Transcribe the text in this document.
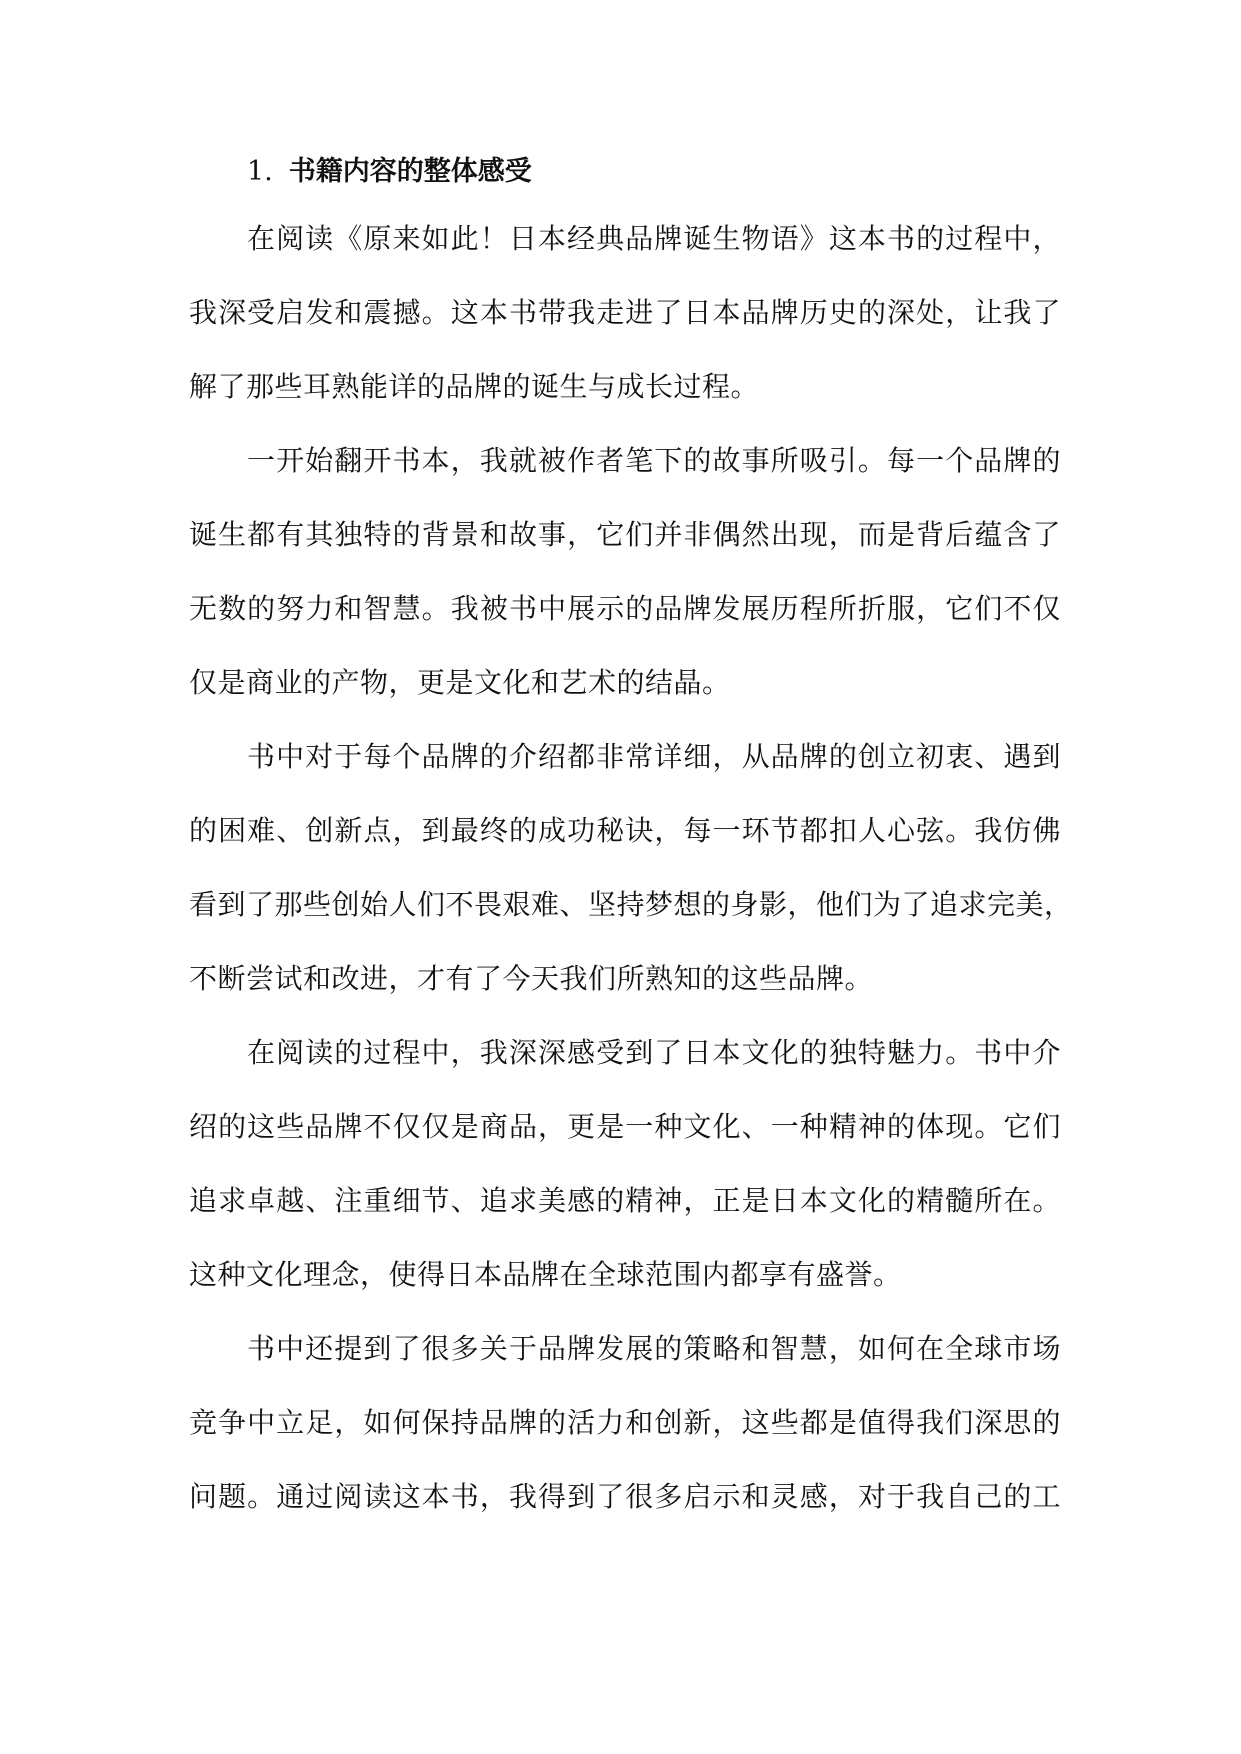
1. 书籍内容的整体感受
在阅读《原来如此！日本经典品牌诞生物语》这本书的过程中，
我深受启发和震撼。这本书带我走进了日本品牌历史的深处，让我了
解了那些耳熟能详的品牌的诞生与成长过程。
一开始翻开书本，我就被作者笔下的故事所吸引。每一个品牌的
诞生都有其独特的背景和故事，它们并非偶然出现，而是背后蕴含了
无数的努力和智慧。我被书中展示的品牌发展历程所折服，它们不仅
仅是商业的产物，更是文化和艺术的结晶。
书中对于每个品牌的介绍都非常详细，从品牌的创立初衷、遇到
的困难、创新点，到最终的成功秘诀，每一环节都扣人心弦。我仿佛
看到了那些创始人们不畏艰难、坚持梦想的身影，他们为了追求完美，
不断尝试和改进，才有了今天我们所熟知的这些品牌。
在阅读的过程中，我深深感受到了日本文化的独特魅力。书中介
绍的这些品牌不仅仅是商品，更是一种文化、一种精神的体现。它们
追求卓越、注重细节、追求美感的精神，正是日本文化的精髓所在。
这种文化理念，使得日本品牌在全球范围内都享有盛誉。
书中还提到了很多关于品牌发展的策略和智慧，如何在全球市场
竞争中立足，如何保持品牌的活力和创新，这些都是值得我们深思的
问题。通过阅读这本书，我得到了很多启示和灵感，对于我自己的工
